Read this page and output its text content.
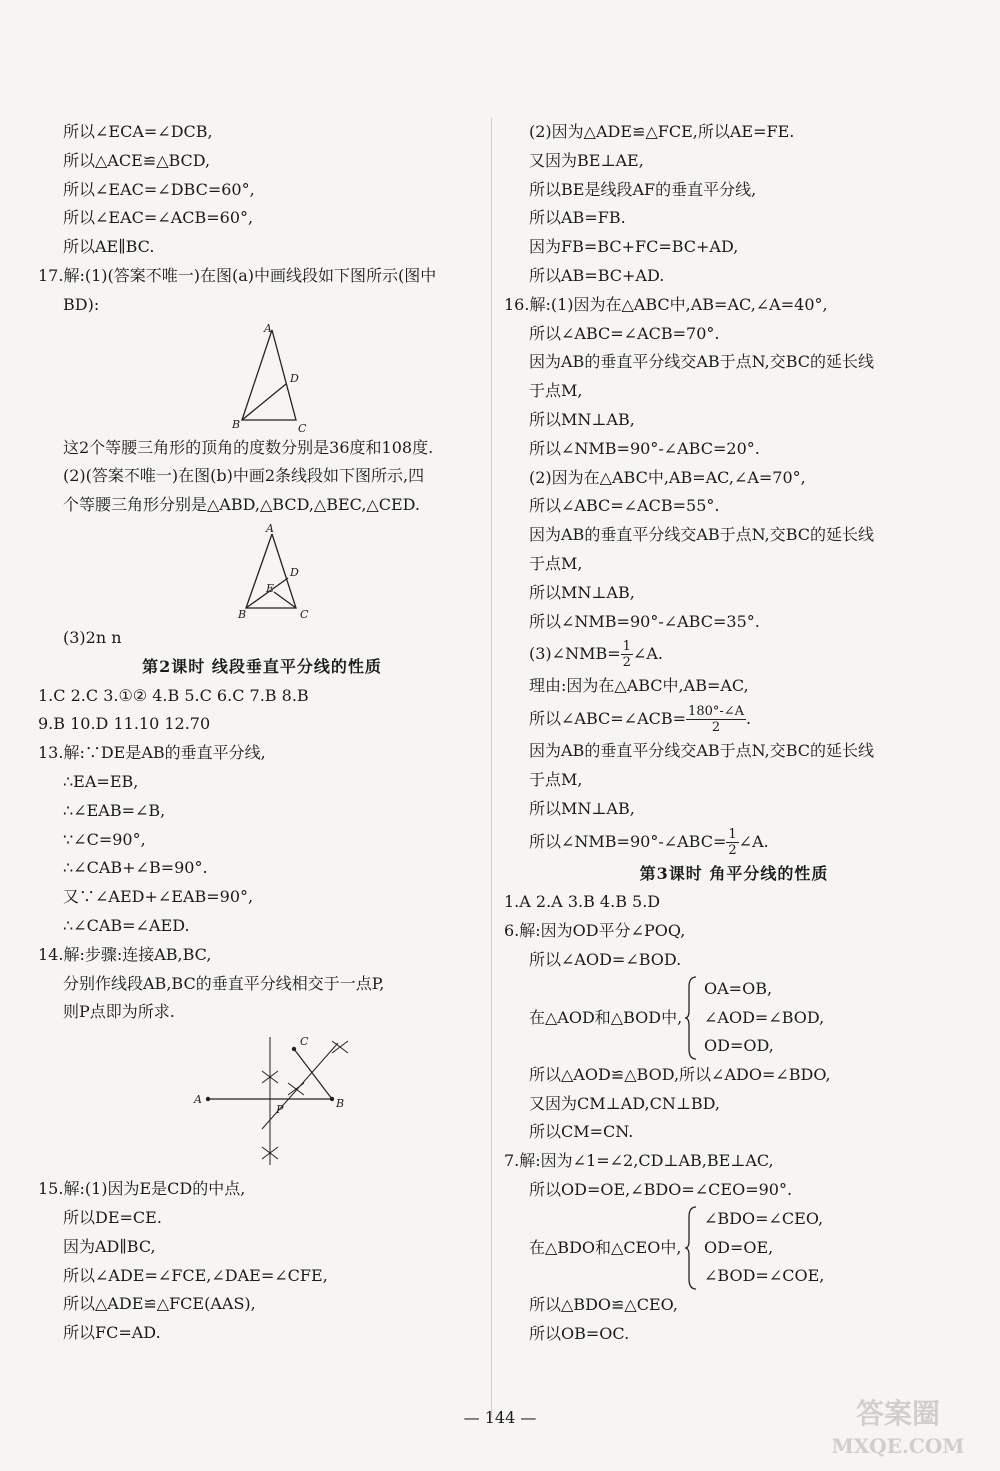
所以∠ECA=∠DCB,
所以△ACE≌△BCD,
所以∠EAC=∠DBC=60°,
所以∠EAC=∠ACB=60°,
所以AE∥BC.
17.解:(1)(答案不唯一)在图(a)中画线段如下图所示(图中
BD):
A
B	C
D
这2个等腰三角形的顶角的度数分别是36度和108度.
(2)(答案不唯一)在图(b)中画2条线段如下图所示,四
个等腰三角形分别是△ABD,△BCD,△BEC,△CED.
A
B	C
D
E
(3)2n n
第2课时 线段垂直平分线的性质
1.C 2.C 3.①② 4.B 5.C 6.C 7.B 8.B
9.B 10.D 11.10 12.70
13.解:∵DE是AB的垂直平分线,
∴EA=EB,
∴∠EAB=∠B,
∵∠C=90°,
∴∠CAB+∠B=90°.
又∵∠AED+∠EAB=90°,
∴∠CAB=∠AED.
14.解:步骤:连接AB,BC,
分别作线段AB,BC的垂直平分线相交于一点P,
则P点即为所求.
A	B
C
P
15.解:(1)因为E是CD的中点,
所以DE=CE.
因为AD∥BC,
所以∠ADE=∠FCE,∠DAE=∠CFE,
所以△ADE≌△FCE(AAS),
所以FC=AD.
(2)因为△ADE≌△FCE,所以AE=FE.
又因为BE⊥AE,
所以BE是线段AF的垂直平分线,
所以AB=FB.
因为FB=BC+FC=BC+AD,
所以AB=BC+AD.
16.解:(1)因为在△ABC中,AB=AC,∠A=40°,
所以∠ABC=∠ACB=70°.
因为AB的垂直平分线交AB于点N,交BC的延长线
于点M,
所以MN⊥AB,
所以∠NMB=90°-∠ABC=20°.
(2)因为在△ABC中,AB=AC,∠A=70°,
所以∠ABC=∠ACB=55°.
因为AB的垂直平分线交AB于点N,交BC的延长线
于点M,
所以MN⊥AB,
所以∠NMB=90°-∠ABC=35°.
(3)∠NMB= $\frac{1}{2}$ ∠A.
理由:因为在△ABC中,AB=AC,
所以∠ABC=∠ACB= $\frac{180^\circ-\angle A}{2}$ .
因为AB的垂直平分线交AB于点N,交BC的延长线
于点M,
所以MN⊥AB,
所以∠NMB=90°-∠ABC= $\frac{1}{2}$ ∠A.
第3课时 角平分线的性质
1.A 2.A 3.B 4.B 5.D
6.解:因为OD平分∠POQ,
所以∠AOD=∠BOD.
在△AOD和△BOD中,
OA=OB,
∠AOD=∠BOD,
OD=OD,
所以△AOD≌△BOD,所以∠ADO=∠BDO,
又因为CM⊥AD,CN⊥BD,
所以CM=CN.
7.解:因为∠1=∠2,CD⊥AB,BE⊥AC,
所以OD=OE,∠BDO=∠CEO=90°.
在△BDO和△CEO中,
∠BDO=∠CEO,
OD=OE,
∠BOD=∠COE,
所以△BDO≌△CEO,
所以OB=OC.
— 144 —	答案圈
MXQE.COM
